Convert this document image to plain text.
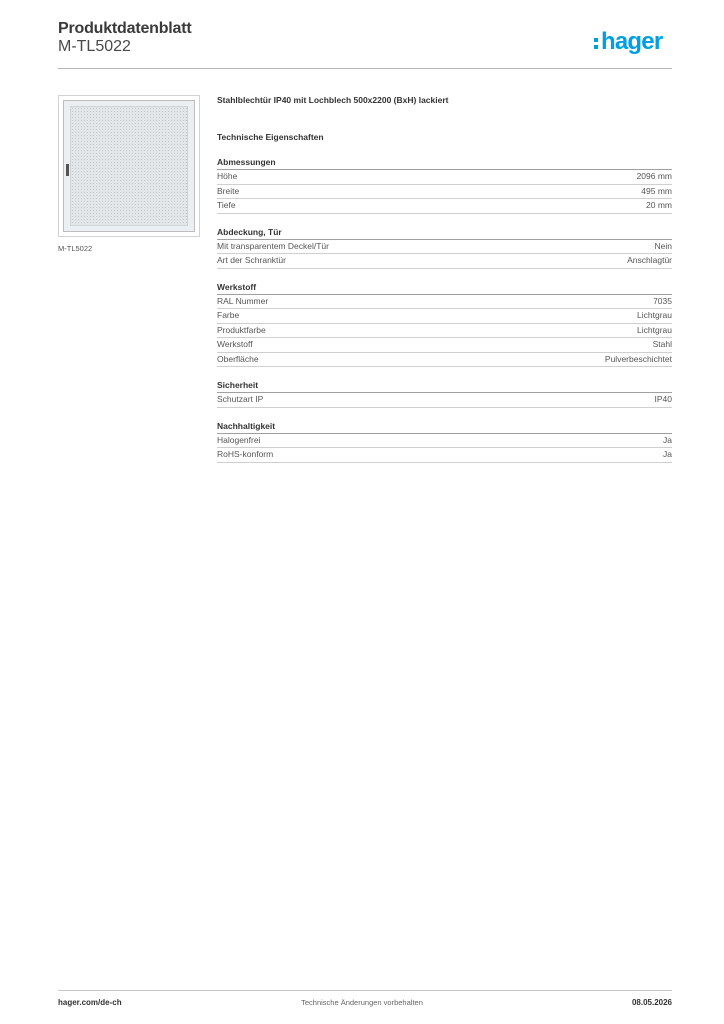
Produktdatenblatt
M-TL5022	hager
M-TL5022
Stahlblechtür IP40 mit Lochblech 500x2200 (BxH) lackiert
Technische Eigenschaften
Abmessungen
Höhe	2096 mm
Breite	495 mm
Tiefe	20 mm
Abdeckung, Tür
Mit transparentem Deckel/Tür	Nein
Art der Schranktür	Anschlagtür
Werkstoff
RAL Nummer	7035
Farbe	Lichtgrau
Produktfarbe	Lichtgrau
Werkstoff	Stahl
Oberfläche	Pulverbeschichtet
Sicherheit
Schutzart IP	IP40
Nachhaltigkeit
Halogenfrei	Ja
RoHS-konform	Ja
hager.com/de-ch	Technische Änderungen vorbehalten	08.05.2026
